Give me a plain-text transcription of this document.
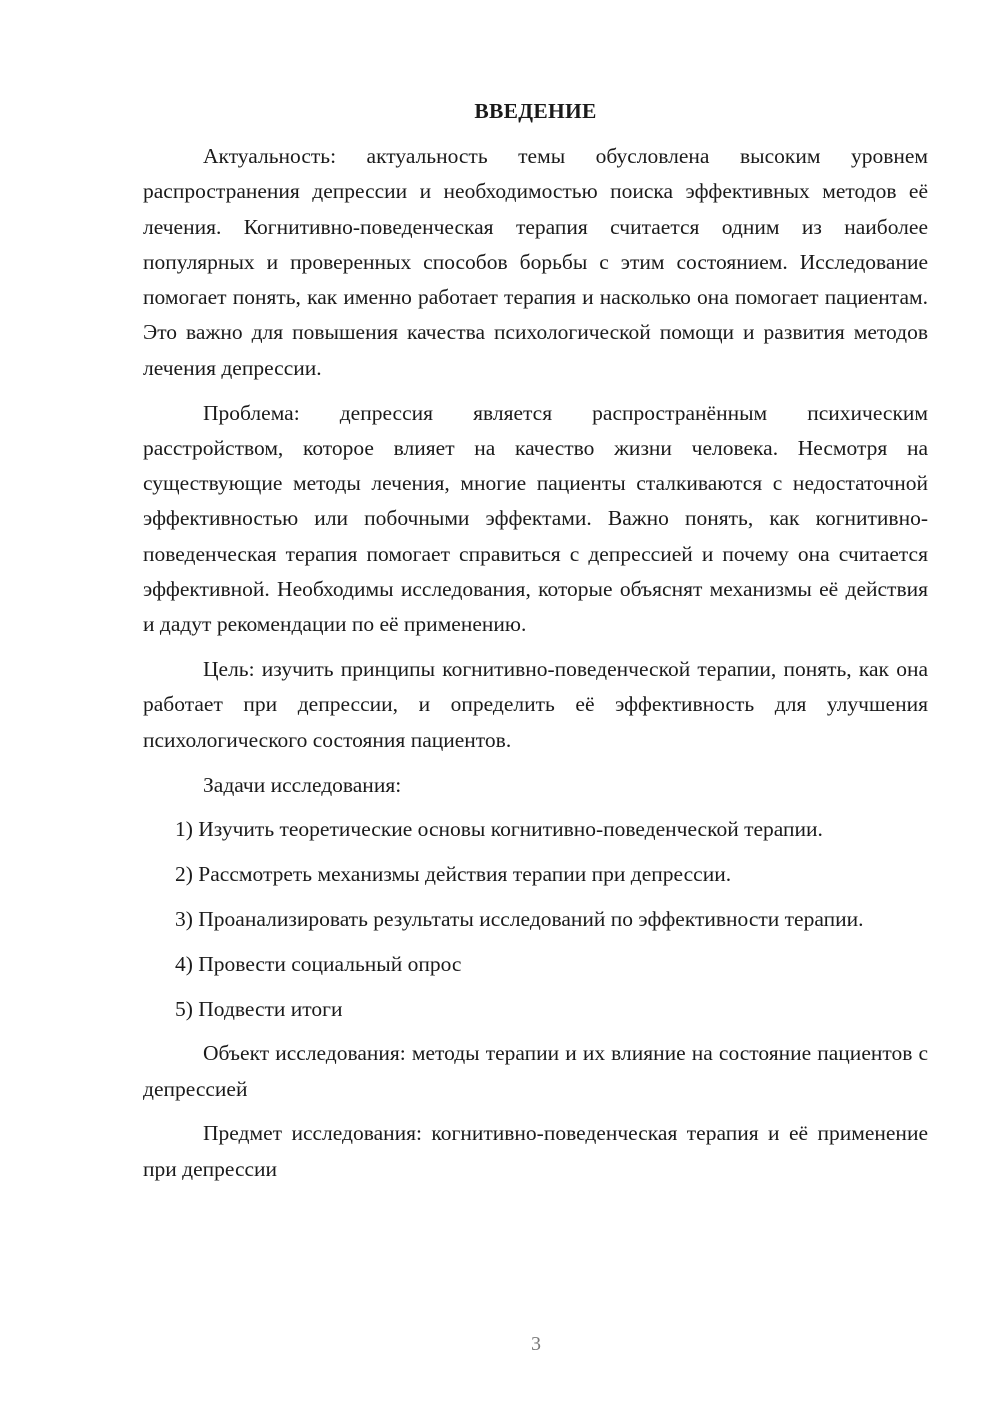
ВВЕДЕНИЕ

Актуальность: актуальность темы обусловлена высоким уровнем распространения депрессии и необходимостью поиска эффективных методов её лечения. Когнитивно-поведенческая терапия считается одним из наиболее популярных и проверенных способов борьбы с этим состоянием. Исследование помогает понять, как именно работает терапия и насколько она помогает пациентам. Это важно для повышения качества психологической помощи и развития методов лечения депрессии.

Проблема: депрессия является распространённым психическим расстройством, которое влияет на качество жизни человека. Несмотря на существующие методы лечения, многие пациенты сталкиваются с недостаточной эффективностью или побочными эффектами. Важно понять, как когнитивно-поведенческая терапия помогает справиться с депрессией и почему она считается эффективной. Необходимы исследования, которые объяснят механизмы её действия и дадут рекомендации по её применению.

Цель: изучить принципы когнитивно-поведенческой терапии, понять, как она работает при депрессии, и определить её эффективность для улучшения психологического состояния пациентов.

Задачи исследования:

1) Изучить теоретические основы когнитивно-поведенческой терапии.

2) Рассмотреть механизмы действия терапии при депрессии.

3) Проанализировать результаты исследований по эффективности терапии.

4) Провести социальный опрос

5) Подвести итоги

Объект исследования: методы терапии и их влияние на состояние пациентов с депрессией

Предмет исследования: когнитивно-поведенческая терапия и её применение при депрессии

3
